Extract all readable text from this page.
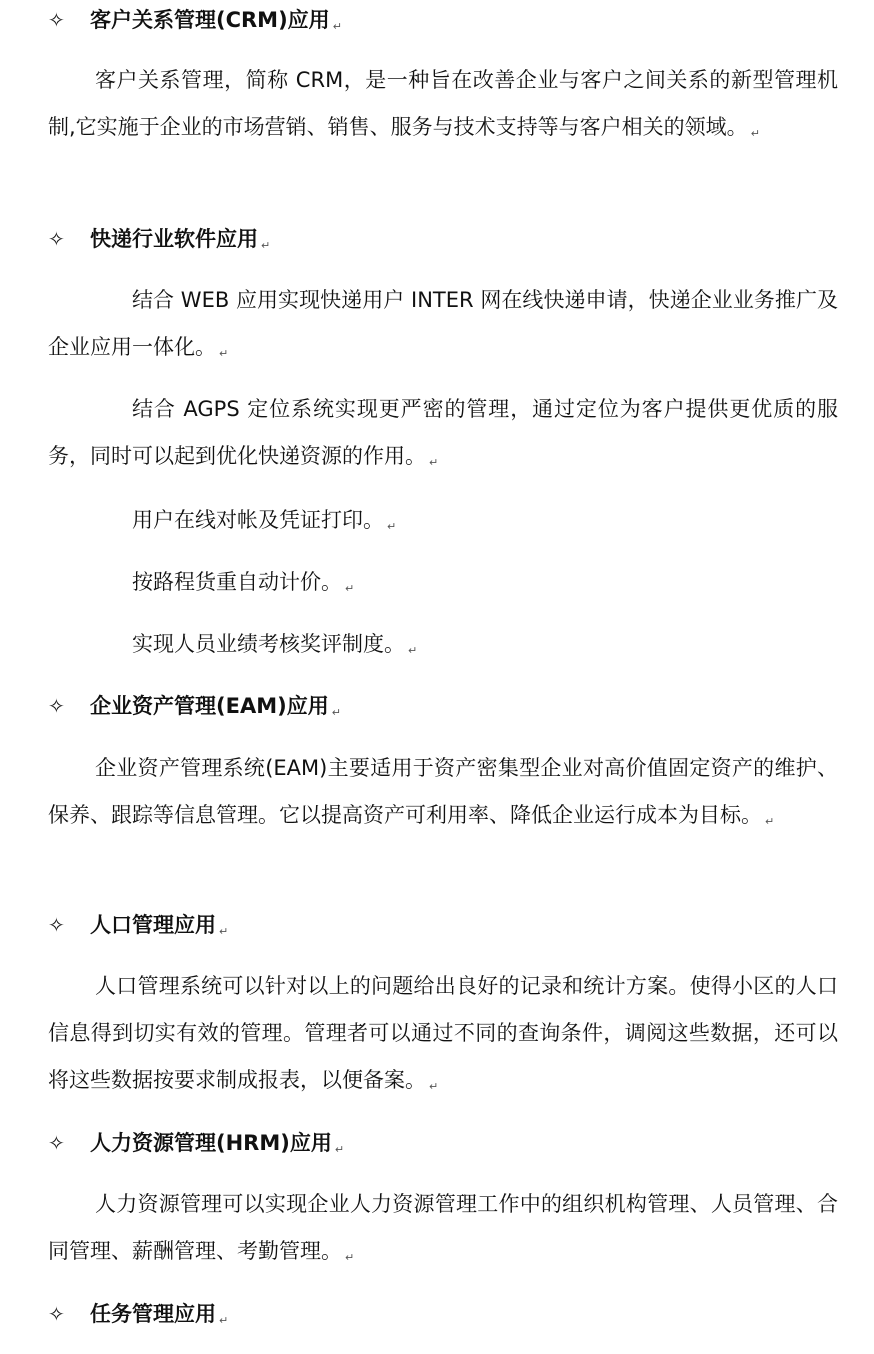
✧ 客户关系管理(CRM)应用 ↵
客户关系管理，简称 CRM，是一种旨在改善企业与客户之间关系的新型管理机制,它实施于企业的市场营销、销售、服务与技术支持等与客户相关的领域。 ↵
✧ 快递行业软件应用 ↵
结合 WEB 应用实现快递用户 INTER 网在线快递申请，快递企业业务推广及企业应用一体化。 ↵
结合 AGPS 定位系统实现更严密的管理，通过定位为客户提供更优质的服务，同时可以起到优化快递资源的作用。 ↵
用户在线对帐及凭证打印。 ↵
按路程货重自动计价。 ↵
实现人员业绩考核奖评制度。 ↵
✧ 企业资产管理(EAM)应用 ↵
企业资产管理系统(EAM)主要适用于资产密集型企业对高价值固定资产的维护、保养、跟踪等信息管理。它以提高资产可利用率、降低企业运行成本为目标。 ↵
✧ 人口管理应用 ↵
人口管理系统可以针对以上的问题给出良好的记录和统计方案。使得小区的人口信息得到切实有效的管理。管理者可以通过不同的查询条件，调阅这些数据，还可以将这些数据按要求制成报表，以便备案。 ↵
✧ 人力资源管理(HRM)应用 ↵
人力资源管理可以实现企业人力资源管理工作中的组织机构管理、人员管理、合同管理、薪酬管理、考勤管理。 ↵
✧ 任务管理应用 ↵
